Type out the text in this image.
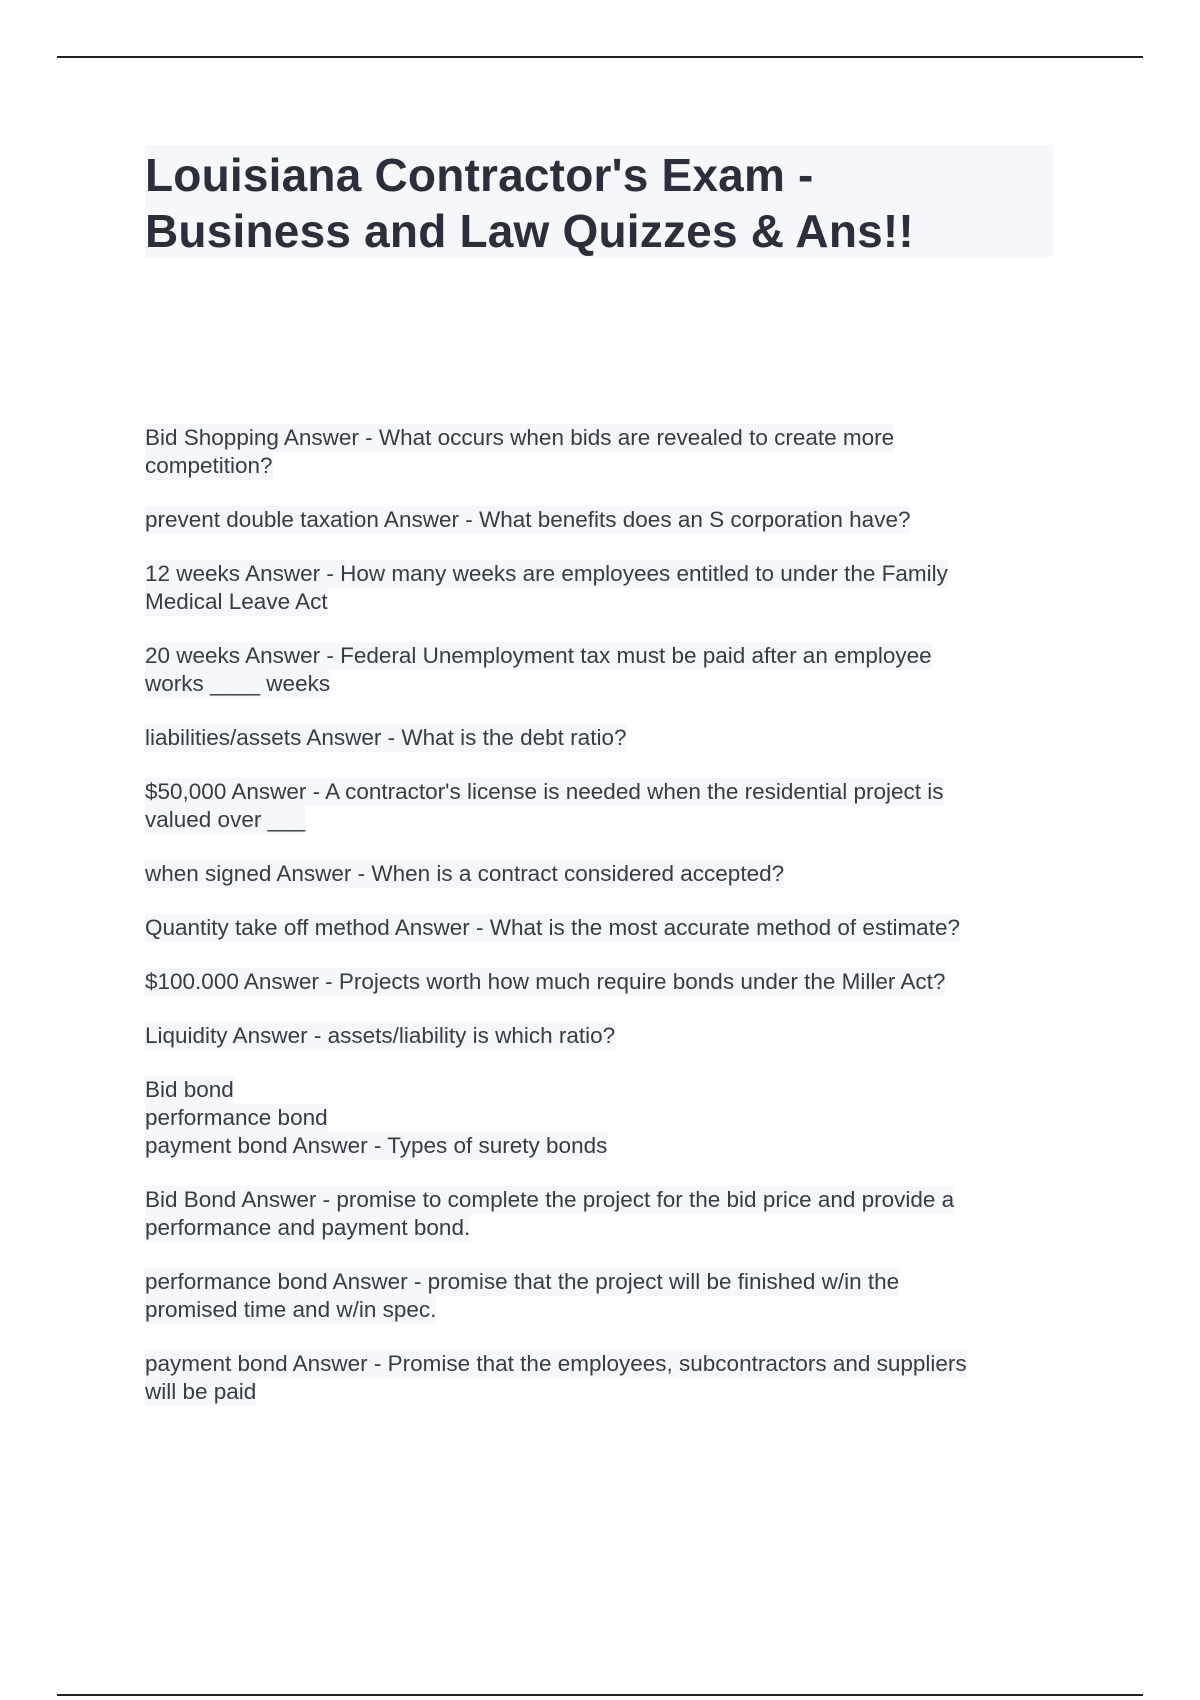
Louisiana Contractor's Exam -
Business and Law Quizzes & Ans!!
Bid Shopping Answer - What occurs when bids are revealed to create more
competition?
prevent double taxation Answer - What benefits does an S corporation have?
12 weeks Answer - How many weeks are employees entitled to under the Family
Medical Leave Act
20 weeks Answer - Federal Unemployment tax must be paid after an employee
works ____ weeks
liabilities/assets Answer - What is the debt ratio?
$50,000 Answer - A contractor's license is needed when the residential project is
valued over ___
when signed Answer - When is a contract considered accepted?
Quantity take off method Answer - What is the most accurate method of estimate?
$100.000 Answer - Projects worth how much require bonds under the Miller Act?
Liquidity Answer - assets/liability is which ratio?
Bid bond
performance bond
payment bond Answer - Types of surety bonds
Bid Bond Answer - promise to complete the project for the bid price and provide a
performance and payment bond.
performance bond Answer - promise that the project will be finished w/in the
promised time and w/in spec.
payment bond Answer - Promise that the employees, subcontractors and suppliers
will be paid
